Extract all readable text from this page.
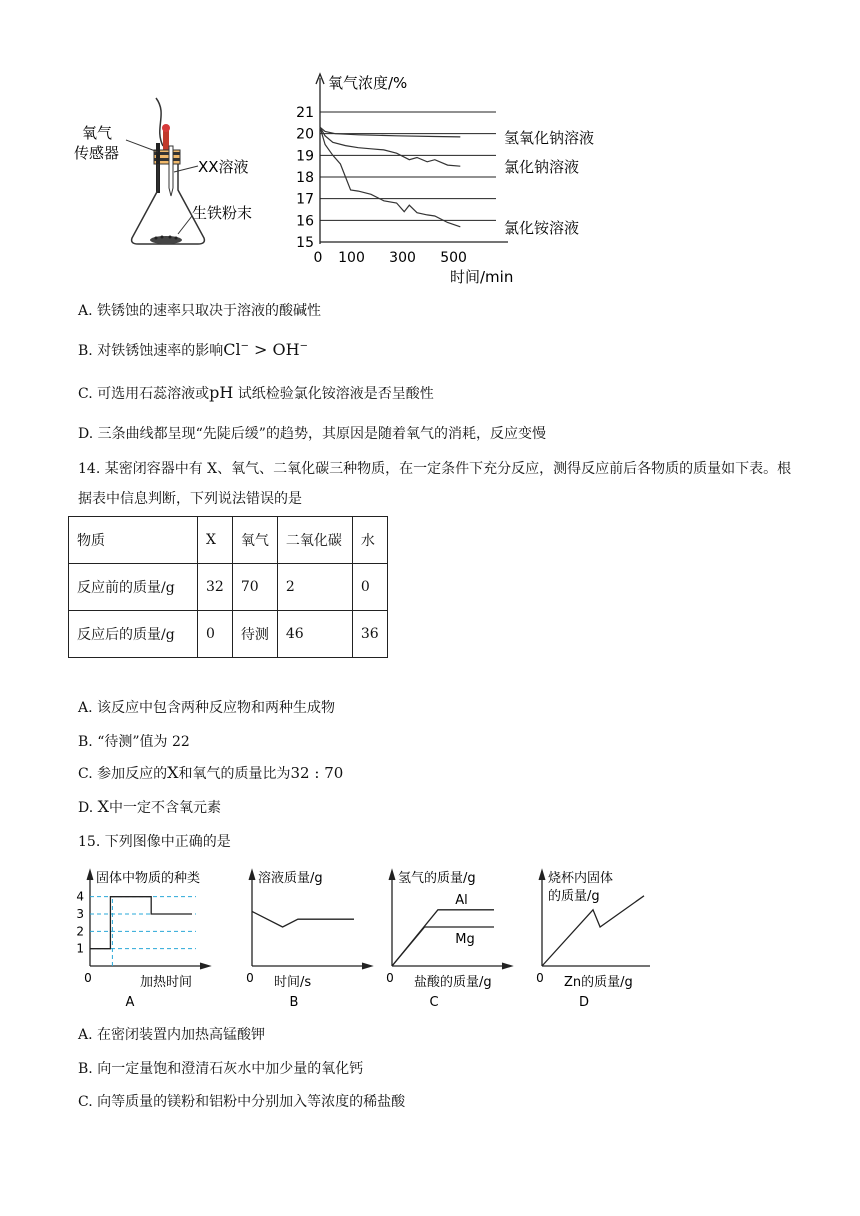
氧气
传感器
XX溶液
生铁粉末
21
20
19
18
17
16
15
0 100 300 500
氧气浓度/%
时间/min
氢氧化钠溶液
氯化钠溶液
氯化铵溶液
A. 铁锈蚀的速率只取决于溶液的酸碱性
B. 对铁锈蚀速率的影响Cl− > OH−
C. 可选用石蕊溶液或pH 试纸检验氯化铵溶液是否呈酸性
D. 三条曲线都呈现“先陡后缓”的趋势，其原因是随着氧气的消耗，反应变慢
14. 某密闭容器中有 X、氧气、二氧化碳三种物质，在一定条件下充分反应，测得反应前后各物质的质量如下表。根据表中信息判断，下列说法错误的是
物质	X	氧气	二氧化碳	水
反应前的质量/g	32	70	2	0
反应后的质量/g	0	待测	46	36
A. 该反应中包含两种反应物和两种生成物
B. “待测”值为 22
C. 参加反应的X和氧气的质量比为32 : 70
D. X中一定不含氧元素
15. 下列图像中正确的是
0
固体中物质的种类
加热时间
A
1
2
3
4
0
溶液质量/g
时间/s
B
0
氢气的质量/g
盐酸的质量/g
C
Al
Mg
0
烧杯内固体
的质量/g
Zn的质量/g
D
A. 在密闭装置内加热高锰酸钾
B. 向一定量饱和澄清石灰水中加少量的氧化钙
C. 向等质量的镁粉和铝粉中分别加入等浓度的稀盐酸
